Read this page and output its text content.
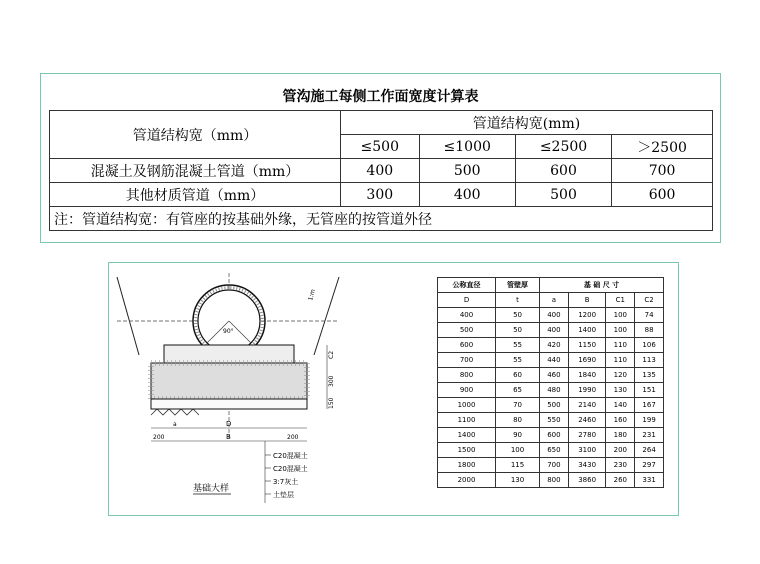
管沟施工每侧工作面宽度计算表
管道结构宽（mm）	管道结构宽(mm)			
	≤500	≤1000	≤2500	＞2500
混凝土及钢筋混凝土管道（mm）	400	500	600	700
其他材质管道（mm）	300	400	500	600
注：管道结构宽：有管座的按基础外缘，无管座的按管道外径				
90°
1:m
C2
300
150
a	D
B
200	200
C20混凝土
C20混凝土
3:7灰土
土垫层
基础大样
公称直径	管壁厚	基 础 尺 寸			
D	t	a	B	C1	C2
400	50	400	1200	100	74
500	50	400	1400	100	88
600	55	420	1150	110	106
700	55	440	1690	110	113
800	60	460	1840	120	135
900	65	480	1990	130	151
1000	70	500	2140	140	167
1100	80	550	2460	160	199
1400	90	600	2780	180	231
1500	100	650	3100	200	264
1800	115	700	3430	230	297
2000	130	800	3860	260	331
